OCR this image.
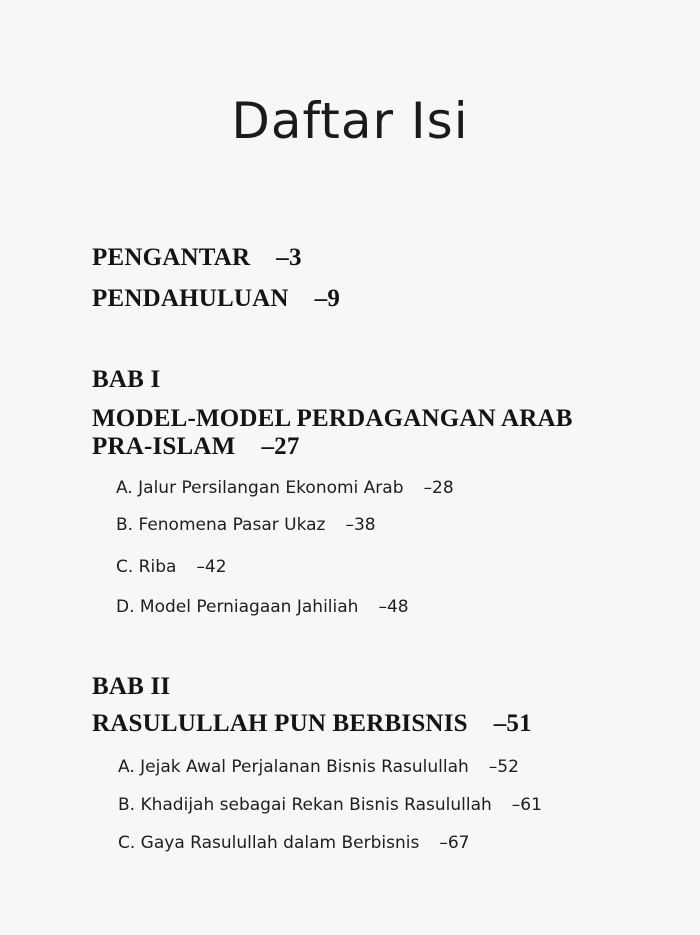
Daftar Isi
PENGANTAR –3
PENDAHULUAN –9
BAB I
MODEL-MODEL PERDAGANGAN ARAB
PRA-ISLAM –27
A. Jalur Persilangan Ekonomi Arab –28
B. Fenomena Pasar Ukaz –38
C. Riba –42
D. Model Perniagaan Jahiliah –48
BAB II
RASULULLAH PUN BERBISNIS –51
A. Jejak Awal Perjalanan Bisnis Rasulullah –52
B. Khadijah sebagai Rekan Bisnis Rasulullah –61
C. Gaya Rasulullah dalam Berbisnis –67
